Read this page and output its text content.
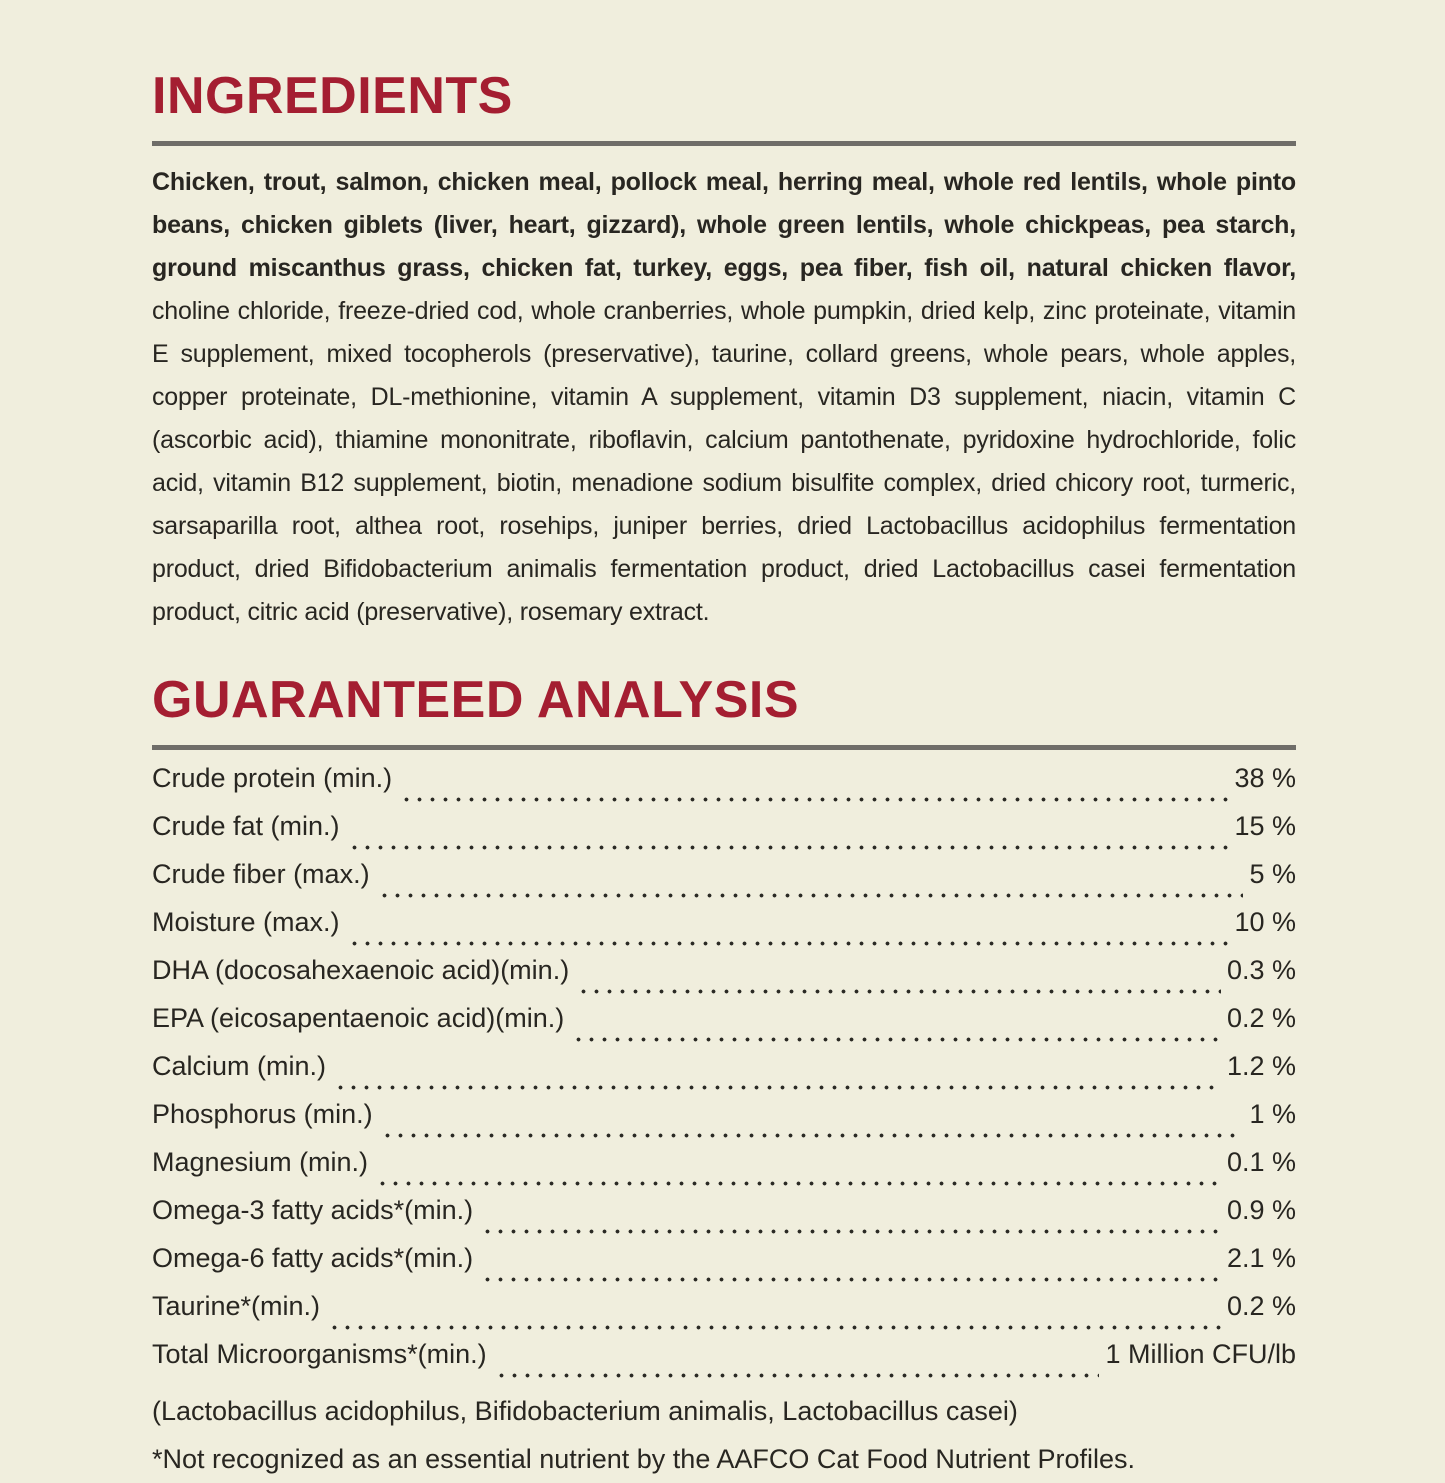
INGREDIENTS

Chicken, trout, salmon, chicken meal, pollock meal, herring meal, whole red lentils, whole pinto beans, chicken giblets (liver, heart, gizzard), whole green lentils, whole chickpeas, pea starch, ground miscanthus grass, chicken fat, turkey, eggs, pea fiber, fish oil, natural chicken flavor, choline chloride, freeze-dried cod, whole cranberries, whole pumpkin, dried kelp, zinc proteinate, vitamin E supplement, mixed tocopherols (preservative), taurine, collard greens, whole pears, whole apples, copper proteinate, DL-methionine, vitamin A supplement, vitamin D3 supplement, niacin, vitamin C (ascorbic acid), thiamine mononitrate, riboflavin, calcium pantothenate, pyridoxine hydrochloride, folic acid, vitamin B12 supplement, biotin, menadione sodium bisulfite complex, dried chicory root, turmeric, sarsaparilla root, althea root, rosehips, juniper berries, dried Lactobacillus acidophilus fermentation product, dried Bifidobacterium animalis fermentation product, dried Lactobacillus casei fermentation product, citric acid (preservative), rosemary extract.

GUARANTEED ANALYSIS
Crude protein (min.)	38 %
Crude fat (min.)	15 %
Crude fiber (max.)	5 %
Moisture (max.)	10 %
DHA (docosahexaenoic acid)(min.)	0.3 %
EPA (eicosapentaenoic acid)(min.)	0.2 %
Calcium (min.)	1.2 %
Phosphorus (min.)	1 %
Magnesium (min.)	0.1 %
Omega-3 fatty acids*(min.)	0.9 %
Omega-6 fatty acids*(min.)	2.1 %
Taurine*(min.)	0.2 %
Total Microorganisms*(min.)	1 Million CFU/lb

(Lactobacillus acidophilus, Bifidobacterium animalis, Lactobacillus casei)

*Not recognized as an essential nutrient by the AAFCO Cat Food Nutrient Profiles.
